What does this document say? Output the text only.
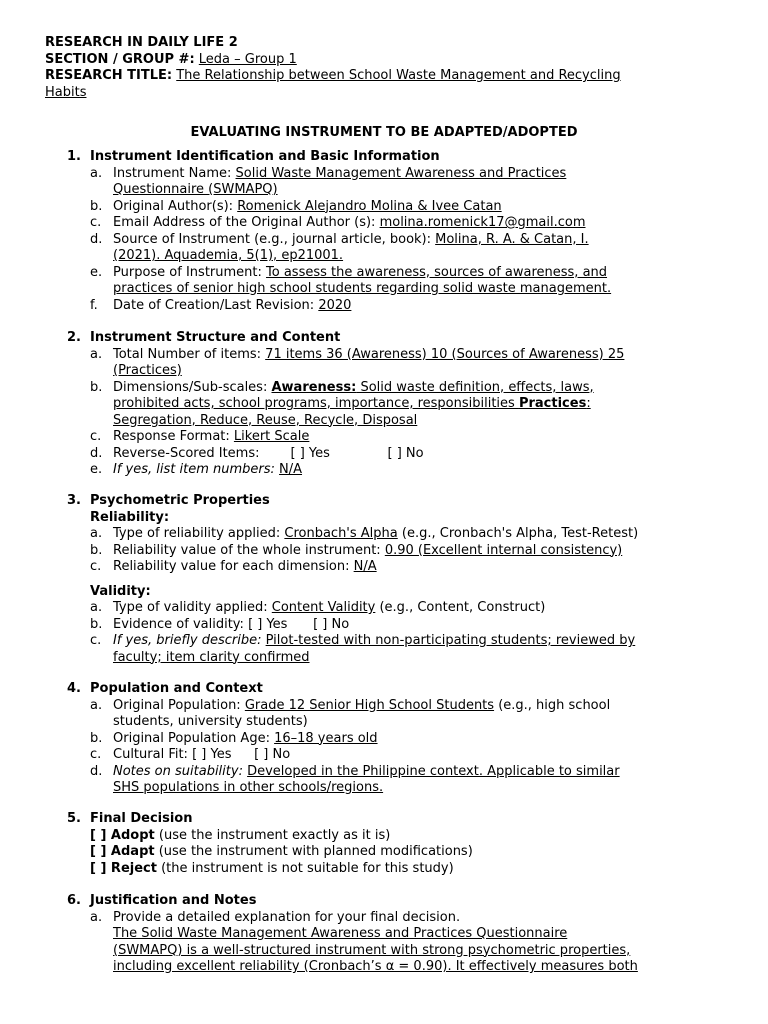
RESEARCH IN DAILY LIFE 2
SECTION / GROUP #: Leda – Group 1
RESEARCH TITLE: The Relationship between School Waste Management and Recycling
Habits
EVALUATING INSTRUMENT TO BE ADAPTED/ADOPTED
1. Instrument Identification and Basic Information
a. Instrument Name: Solid Waste Management Awareness and Practices
Questionnaire (SWMAPQ)
b. Original Author(s): Romenick Alejandro Molina & Ivee Catan
c. Email Address of the Original Author (s): molina.romenick17@gmail.com
d. Source of Instrument (e.g., journal article, book): Molina, R. A. & Catan, I.
(2021). Aquademia, 5(1), ep21001.
e. Purpose of Instrument: To assess the awareness, sources of awareness, and
practices of senior high school students regarding solid waste management.
f. Date of Creation/Last Revision: 2020
2. Instrument Structure and Content
a. Total Number of items: 71 items 36 (Awareness) 10 (Sources of Awareness) 25
(Practices)
b. Dimensions/Sub-scales: Awareness: Solid waste definition, effects, laws,
prohibited acts, school programs, importance, responsibilities Practices:
Segregation, Reduce, Reuse, Recycle, Disposal
c. Response Format: Likert Scale
d. Reverse-Scored Items: [ ] Yes	[ ] No
e. If yes, list item numbers: N/A
3. Psychometric Properties
Reliability:
a. Type of reliability applied: Cronbach's Alpha (e.g., Cronbach's Alpha, Test-Retest)
b. Reliability value of the whole instrument: 0.90 (Excellent internal consistency)
c. Reliability value for each dimension: N/A
Validity:
a. Type of validity applied: Content Validity (e.g., Content, Construct)
b. Evidence of validity: [ ] Yes [ ] No
c. If yes, briefly describe: Pilot-tested with non-participating students; reviewed by
faculty; item clarity confirmed
4. Population and Context
a. Original Population: Grade 12 Senior High School Students (e.g., high school
students, university students)
b. Original Population Age: 16–18 years old
c. Cultural Fit: [ ] Yes [ ] No
d. Notes on suitability: Developed in the Philippine context. Applicable to similar
SHS populations in other schools/regions.
5. Final Decision
[ ] Adopt (use the instrument exactly as it is)
[ ] Adapt (use the instrument with planned modifications)
[ ] Reject (the instrument is not suitable for this study)
6. Justification and Notes
a. Provide a detailed explanation for your final decision.
The Solid Waste Management Awareness and Practices Questionnaire
(SWMAPQ) is a well-structured instrument with strong psychometric properties,
including excellent reliability (Cronbach’s α = 0.90). It effectively measures both
